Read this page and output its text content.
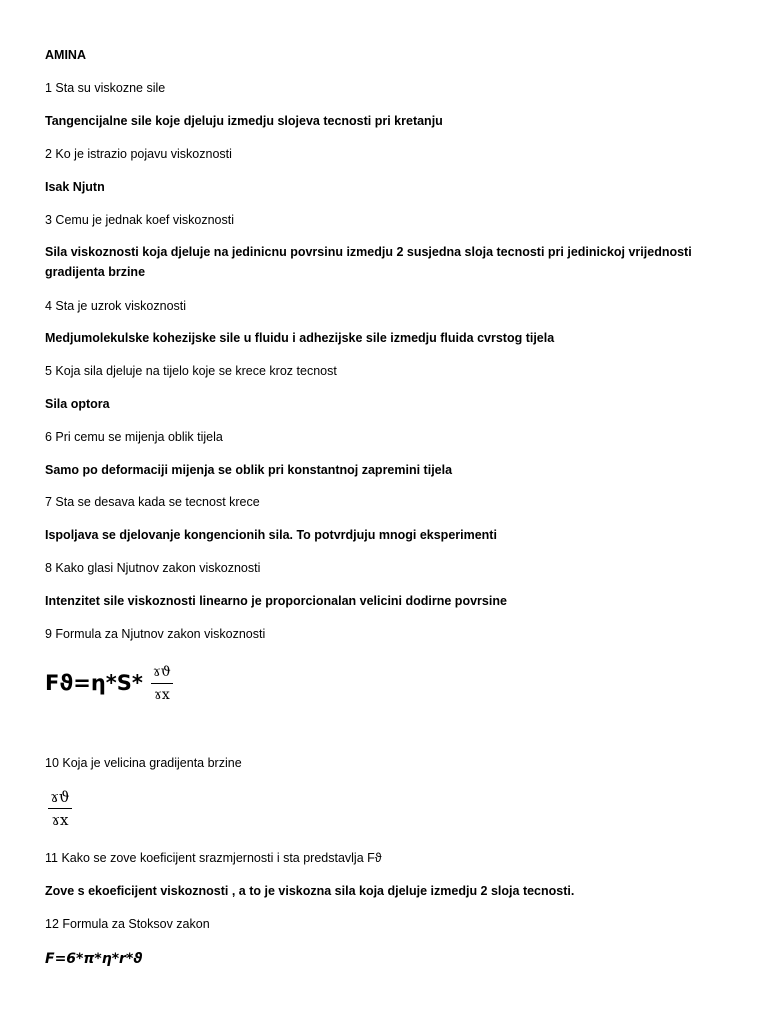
AMINA
1 Sta su viskozne sile
Tangencijalne sile koje djeluju izmedju slojeva tecnosti pri kretanju
2 Ko je istrazio pojavu viskoznosti
Isak Njutn
3 Cemu je jednak koef viskoznosti
Sila viskoznosti koja djeluje na jedinicnu povrsinu izmedju 2 susjedna sloja tecnosti pri jedinickoj vrijednosti gradijenta brzine
4 Sta je uzrok viskoznosti
Medjumolekulske kohezijske sile u fluidu i adhezijske sile izmedju fluida cvrstog tijela
5 Koja sila djeluje na tijelo koje se krece kroz tecnost
Sila optora
6 Pri cemu se mijenja oblik tijela
Samo po deformaciji mijenja se oblik pri konstantnoj zapremini tijela
7 Sta se desava kada se tecnost krece
Ispoljava se djelovanje kongencionih sila. To potvrdjuju mnogi eksperimenti
8 Kako glasi Njutnov zakon viskoznosti
Intenzitet sile viskoznosti linearno je proporcionalan velicini dodirne povrsine
9 Formula za Njutnov zakon viskoznosti
$Fϑ=\eta*S* \frac{\text{ɤϑ}}{\text{ɤx}}$
10 Koja je velicina gradijenta brzine
ɤϑ
ɤx
11 Kako se zove koeficijent srazmjernosti i sta predstavlja Fϑ
Zove s ekoeficijent viskoznosti , a to je viskozna sila koja djeluje izmedju 2 sloja tecnosti.
12 Formula za Stoksov zakon
F=6*π*η*r*ϑ
